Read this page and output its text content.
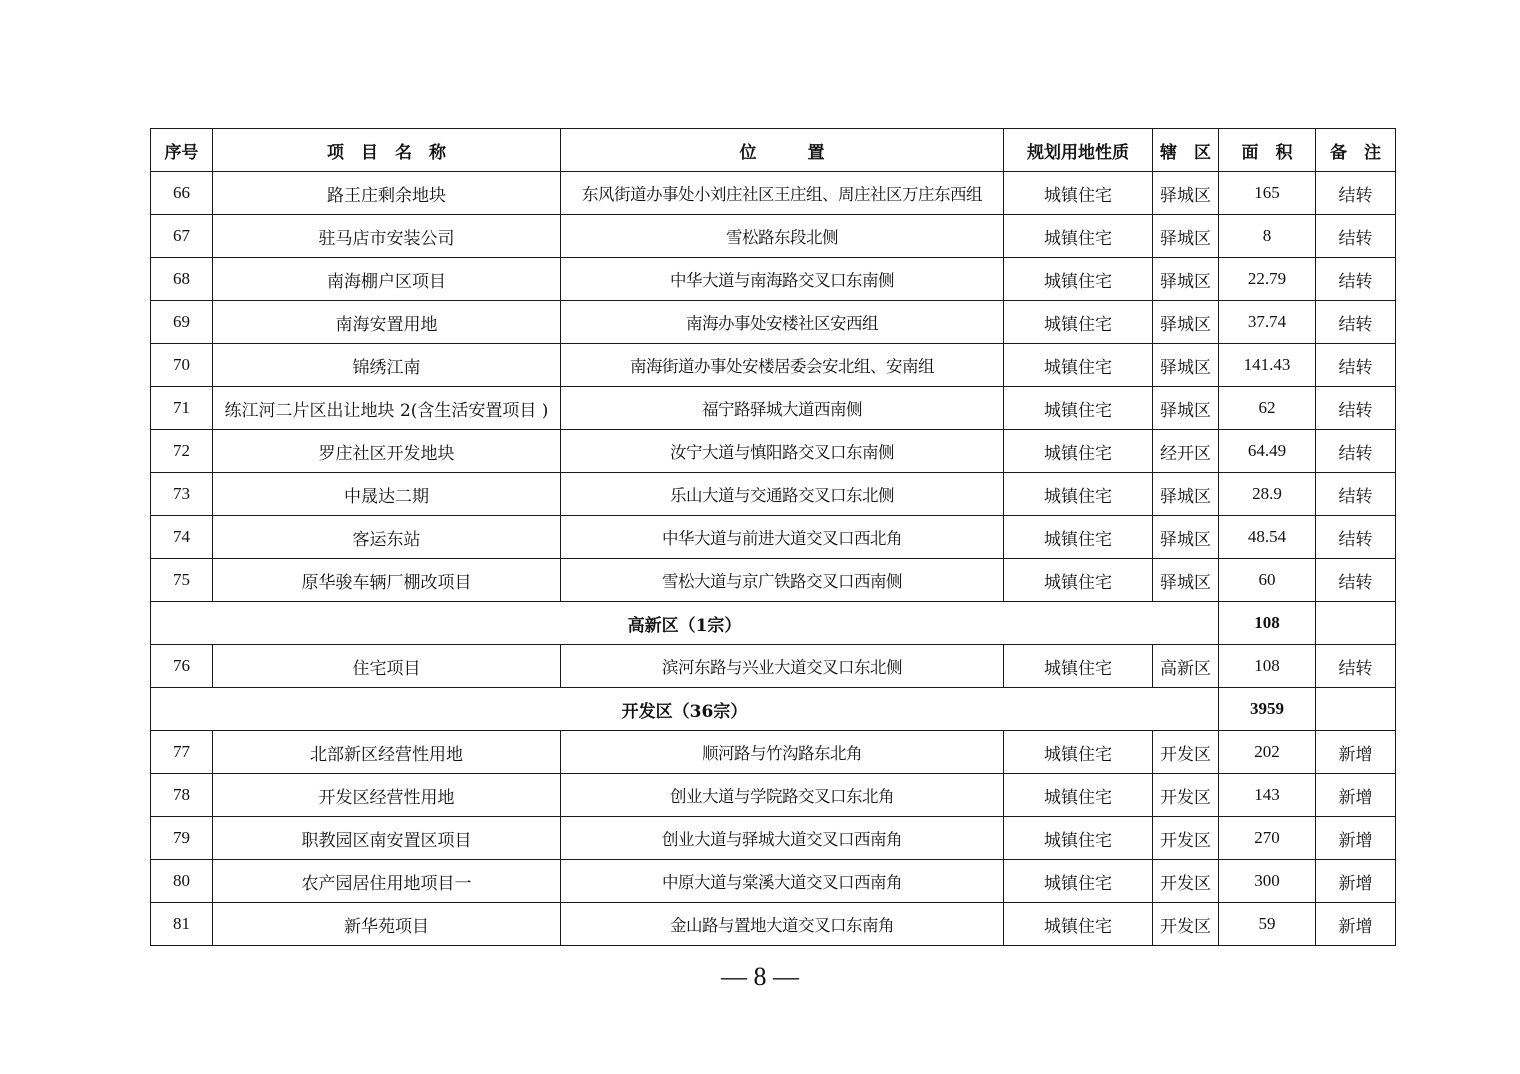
序号	项　目　名　称	位　　　置	规划用地性质	辖　区	面　积	备　注
66	路王庄剩余地块	东风街道办事处小刘庄社区王庄组、周庄社区万庄东西组	城镇住宅	驿城区	165	结转
67	驻马店市安装公司	雪松路东段北侧	城镇住宅	驿城区	8	结转
68	南海棚户区项目	中华大道与南海路交叉口东南侧	城镇住宅	驿城区	22.79	结转
69	南海安置用地	南海办事处安楼社区安西组	城镇住宅	驿城区	37.74	结转
70	锦绣江南	南海街道办事处安楼居委会安北组、安南组	城镇住宅	驿城区	141.43	结转
71	练江河二片区出让地块 2(含生活安置项目 )	福宁路驿城大道西南侧	城镇住宅	驿城区	62	结转
72	罗庄社区开发地块	汝宁大道与慎阳路交叉口东南侧	城镇住宅	经开区	64.49	结转
73	中晟达二期	乐山大道与交通路交叉口东北侧	城镇住宅	驿城区	28.9	结转
74	客运东站	中华大道与前进大道交叉口西北角	城镇住宅	驿城区	48.54	结转
75	原华骏车辆厂棚改项目	雪松大道与京广铁路交叉口西南侧	城镇住宅	驿城区	60	结转
高新区（1宗）					108	
76	住宅项目	滨河东路与兴业大道交叉口东北侧	城镇住宅	高新区	108	结转
开发区（36宗）					3959	
77	北部新区经营性用地	顺河路与竹沟路东北角	城镇住宅	开发区	202	新增
78	开发区经营性用地	创业大道与学院路交叉口东北角	城镇住宅	开发区	143	新增
79	职教园区南安置区项目	创业大道与驿城大道交叉口西南角	城镇住宅	开发区	270	新增
80	农产园居住用地项目一	中原大道与棠溪大道交叉口西南角	城镇住宅	开发区	300	新增
81	新华苑项目	金山路与置地大道交叉口东南角	城镇住宅	开发区	59	新增
— 8 —
